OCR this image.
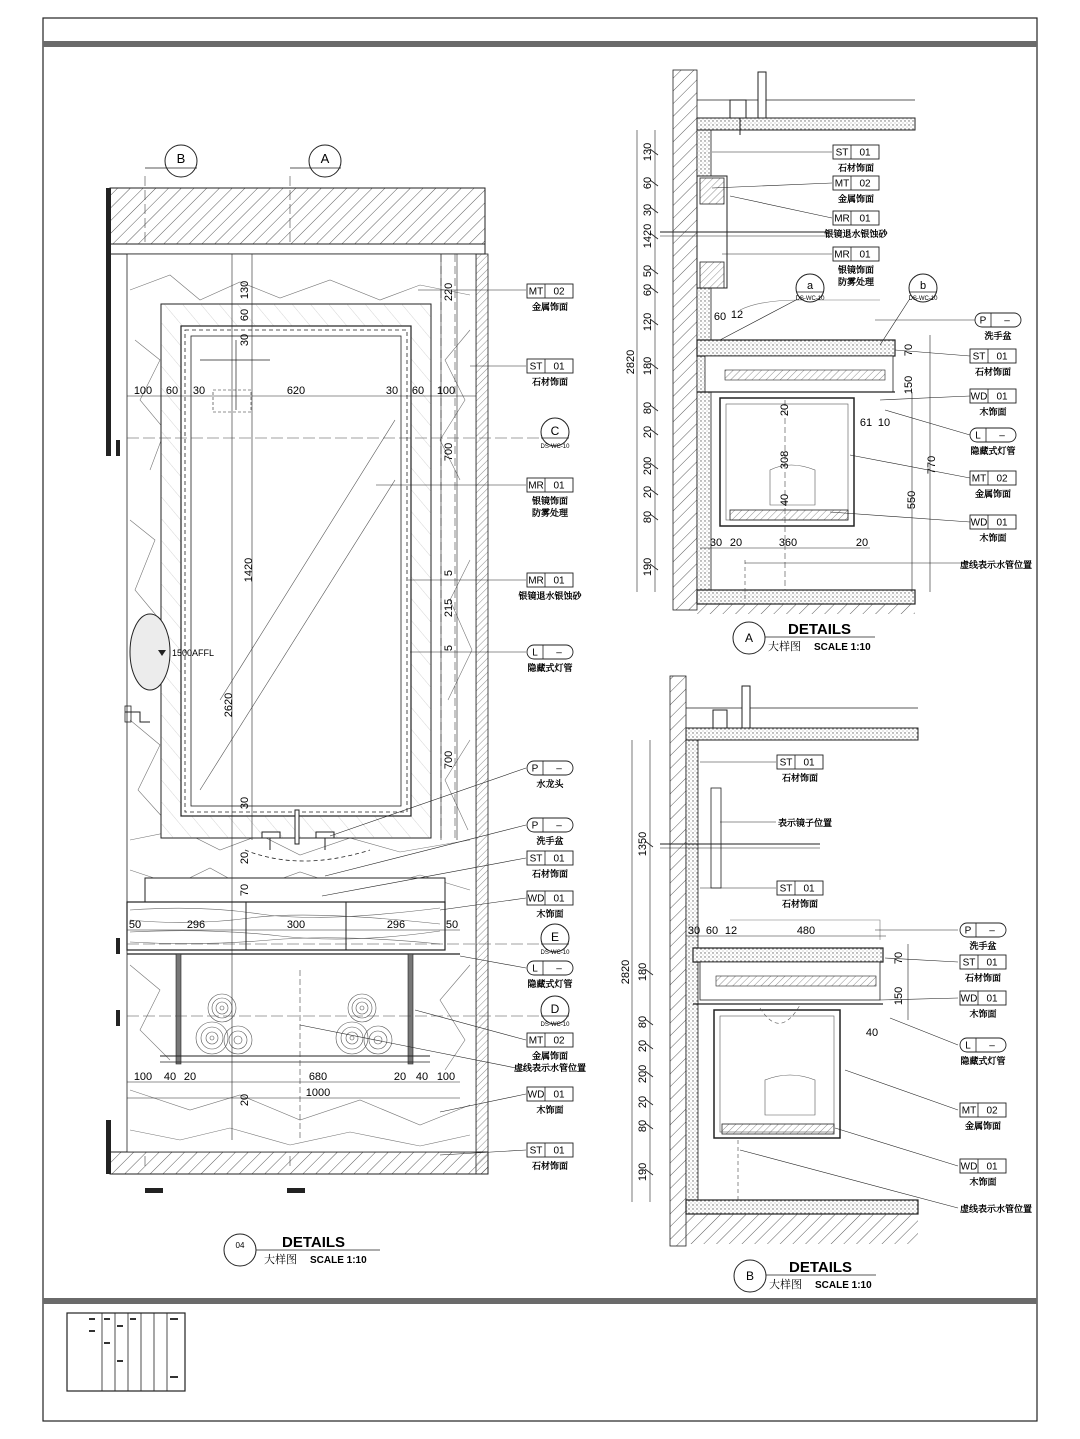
B	A
1500AFFL
130
60
30
220
700
1420
2620
5
215
5
700
30
20
70
20
100 60 30	620	30 60 100
50	296	300	296	50
100 40 20	680	20 40 100
1000
C
DS-WC-10
E
DS-WC-10
D
DS-WC-10
MT 02
金属饰面
ST 01
石材饰面
MR 01
银镜饰面
防雾处理
MR 01
银镜退水银蚀砂
L –
隐藏式灯管
P –
水龙头
P –
洗手盆
ST 01
石材饰面
WD 01
木饰面
L –
隐藏式灯管
MT 02
金属饰面
虚线表示水管位置
WD 01
木饰面
ST 01
石材饰面
04	DETAILS
大样图 SCALE 1:10
a
DS-WC-10
b
DS-WC-10
130
60
30
1420
50
60
120
180
80
20
200
20
80
190
2820
60 12
70
150
20
308
40
61 10
770
550
30 20	360	20
ST 01
石材饰面
MT 02
金属饰面
MR 01
银镜退水银蚀砂
MR 01
银镜饰面
防雾处理
P –
洗手盆
ST 01
石材饰面
WD 01
木饰面
L –
隐藏式灯管
MT 02
金属饰面
WD 01
木饰面
虚线表示水管位置
A DETAILS
大样图 SCALE 1:10
1350
180
80
20
200
20
80
190
2820
30 60 12	480
70
150
40
表示镜子位置
ST 01
石材饰面
ST 01
石材饰面
P –
洗手盆
ST 01
石材饰面
WD 01
木饰面
L –
隐藏式灯管
MT 02
金属饰面
WD 01
木饰面
虚线表示水管位置
B DETAILS
大样图 SCALE 1:10
